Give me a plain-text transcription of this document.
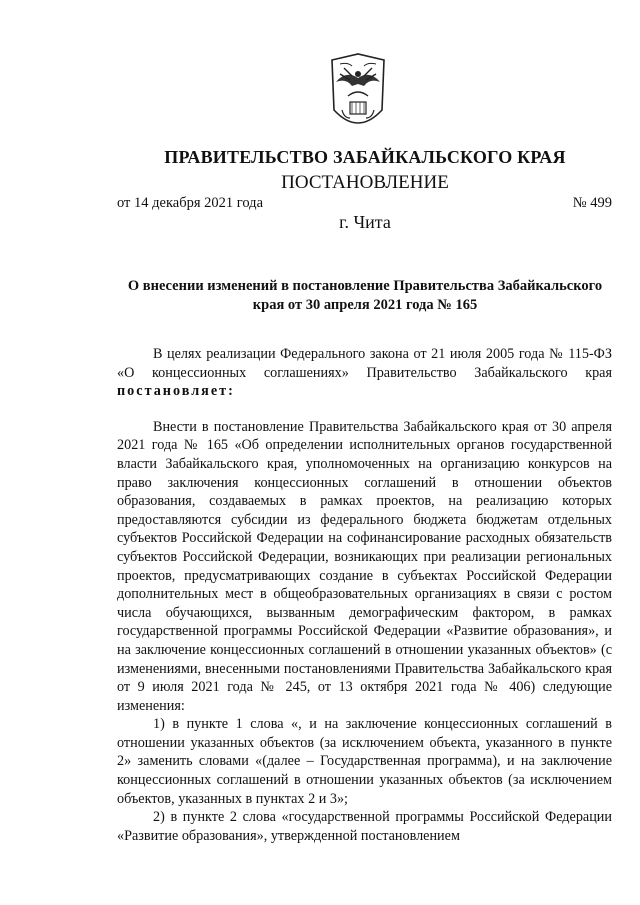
ПРАВИТЕЛЬСТВО ЗАБАЙКАЛЬСКОГО КРАЯ
ПОСТАНОВЛЕНИЕ
от 14 декабря 2021 года	№ 499
г. Чита
О внесении изменений в постановление Правительства Забайкальского края от 30 апреля 2021 года № 165

В целях реализации Федерального закона от 21 июля 2005 года № 115-ФЗ «О концессионных соглашениях» Правительство Забайкальского края постановляет:

Внести в постановление Правительства Забайкальского края от 30 апреля 2021 года № 165 «Об определении исполнительных органов государственной власти Забайкальского края, уполномоченных на организацию конкурсов на право заключения концессионных соглашений в отношении объектов образования, создаваемых в рамках проектов, на реализацию которых предоставляются субсидии из федерального бюджета бюджетам отдельных субъектов Российской Федерации на софинансирование расходных обязательств субъектов Российской Федерации, возникающих при реализации региональных проектов, предусматривающих создание в субъектах Российской Федерации дополнительных мест в общеобразовательных организациях в связи с ростом числа обучающихся, вызванным демографическим фактором, в рамках государственной программы Российской Федерации «Развитие образования», и на заключение концессионных соглашений в отношении указанных объектов» (с изменениями, внесенными постановлениями Правительства Забайкальского края от 9 июля 2021 года № 245, от 13 октября 2021 года № 406) следующие изменения:

1) в пункте 1 слова «, и на заключение концессионных соглашений в отношении указанных объектов (за исключением объекта, указанного в пункте 2» заменить словами «(далее – Государственная программа), и на заключение концессионных соглашений в отношении указанных объектов (за исключением объектов, указанных в пунктах 2 и 3»;

2) в пункте 2 слова «государственной программы Российской Федерации «Развитие образования», утвержденной постановлением
